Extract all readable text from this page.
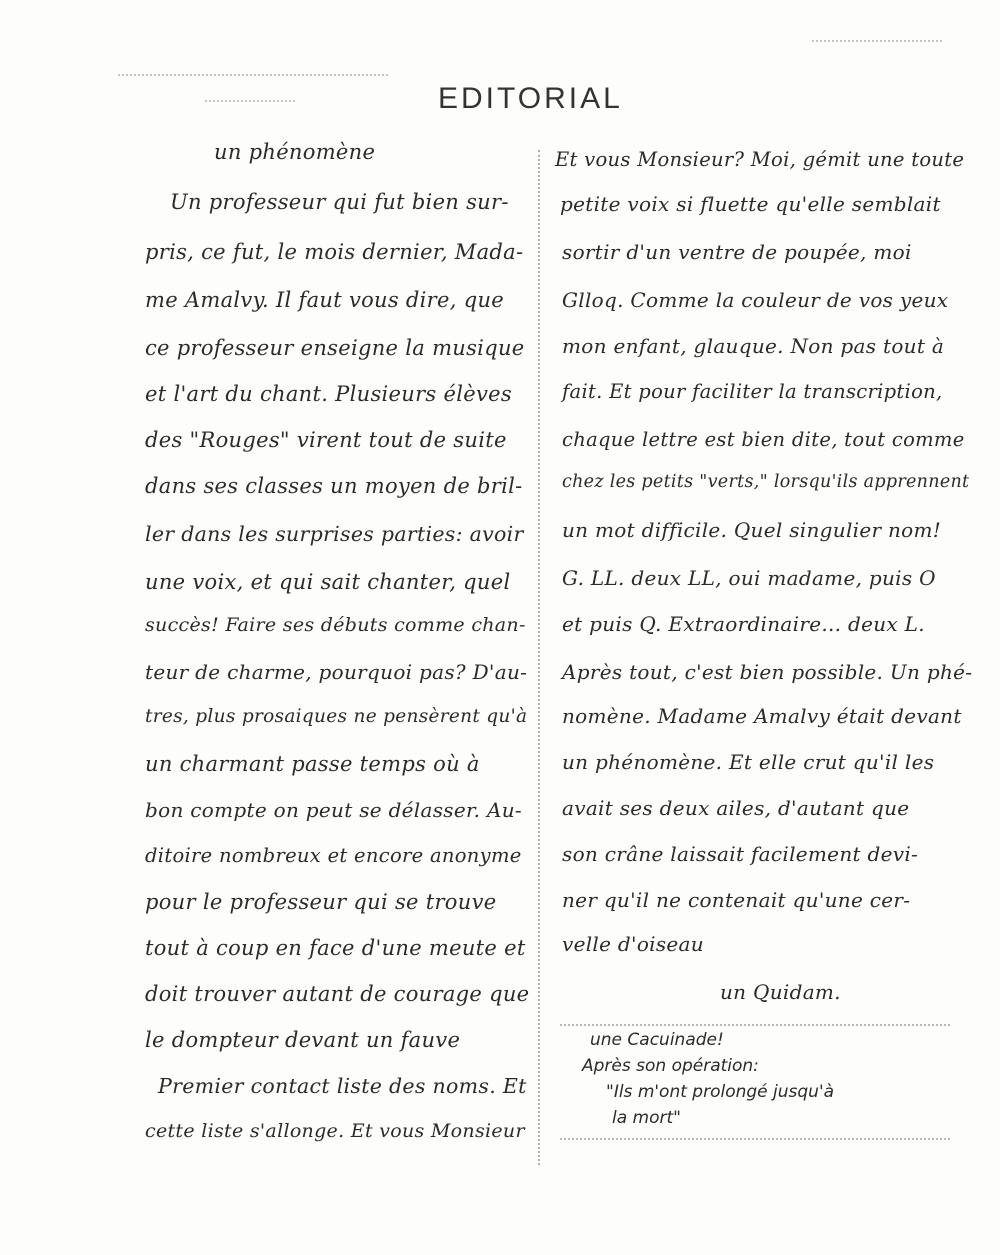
EDITORIAL
un phénomène
Un professeur qui fut bien sur-
pris, ce fut, le mois dernier, Mada-
me Amalvy. Il faut vous dire, que
ce professeur enseigne la musique
et l'art du chant. Plusieurs élèves
des "Rouges" virent tout de suite
dans ses classes un moyen de bril-
ler dans les surprises parties: avoir
une voix, et qui sait chanter, quel
succès! Faire ses débuts comme chan-
teur de charme, pourquoi pas? D'au-
tres, plus prosaiques ne pensèrent qu'à
un charmant passe temps où à
bon compte on peut se délasser. Au-
ditoire nombreux et encore anonyme
pour le professeur qui se trouve
tout à coup en face d'une meute et
doit trouver autant de courage que
le dompteur devant un fauve
Premier contact liste des noms. Et
cette liste s'allonge. Et vous Monsieur
Et vous Monsieur? Moi, gémit une toute
petite voix si fluette qu'elle semblait
sortir d'un ventre de poupée, moi
Glloq. Comme la couleur de vos yeux
mon enfant, glauque. Non pas tout à
fait. Et pour faciliter la transcription,
chaque lettre est bien dite, tout comme
chez les petits "verts," lorsqu'ils apprennent
un mot difficile. Quel singulier nom!
G. LL. deux LL, oui madame, puis O
et puis Q. Extraordinaire... deux L.
Après tout, c'est bien possible. Un phé-
nomène. Madame Amalvy était devant
un phénomène. Et elle crut qu'il les
avait ses deux ailes, d'autant que
son crâne laissait facilement devi-
ner qu'il ne contenait qu'une cer-
velle d'oiseau
un Quidam.
une Cacuinade!
Après son opération:
"Ils m'ont prolongé jusqu'à
la mort"
